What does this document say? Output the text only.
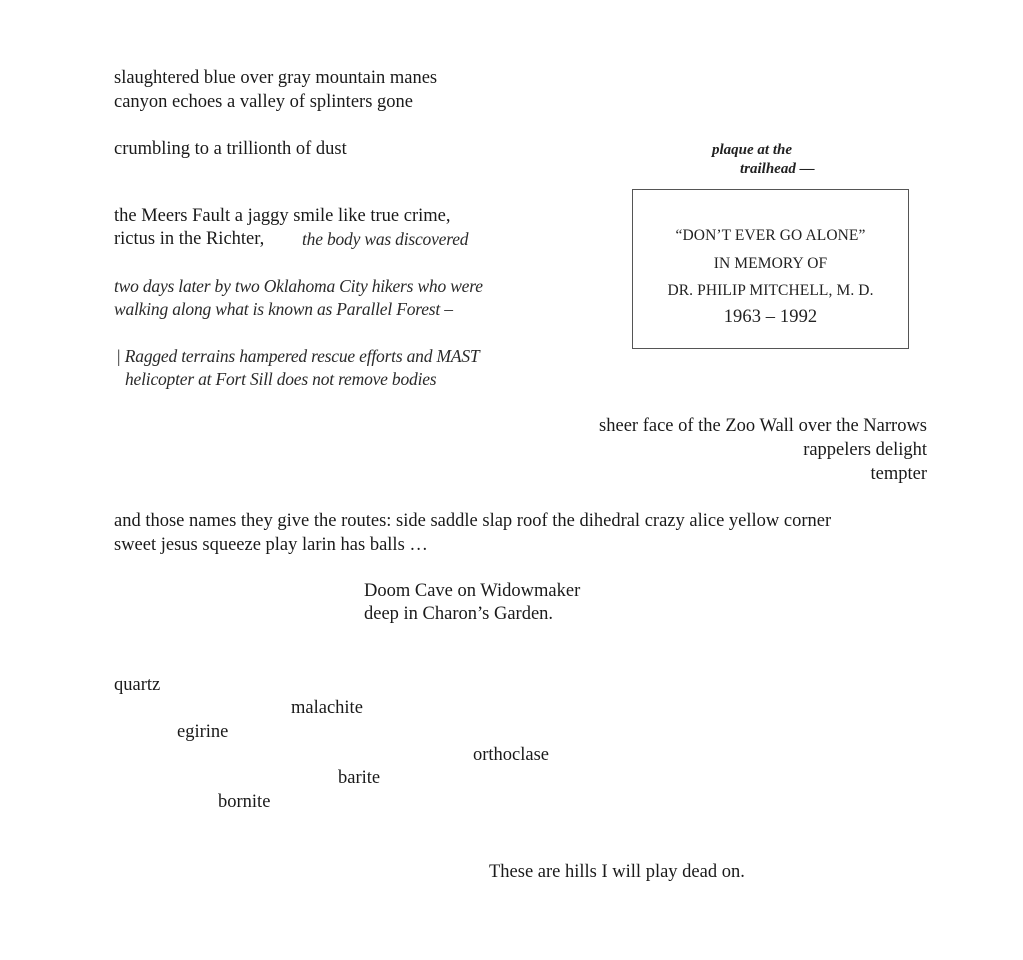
slaughtered blue over gray mountain manes
canyon echoes a valley of splinters gone
crumbling to a trillionth of dust
the Meers Fault a jaggy smile like true crime,
rictus in the Richter, the body was discovered
two days later by two Oklahoma City hikers who were
walking along what is known as Parallel Forest –
| Ragged terrains hampered rescue efforts and MAST
helicopter at Fort Sill does not remove bodies
plaque at the
trailhead —
“DON’T EVER GO ALONE”
IN MEMORY OF
DR. PHILIP MITCHELL, M. D.
1963 – 1992
sheer face of the Zoo Wall over the Narrows
rappelers delight
tempter
and those names they give the routes: side saddle slap roof the dihedral crazy alice yellow corner
sweet jesus squeeze play larin has balls …
Doom Cave on Widowmaker
deep in Charon’s Garden.
quartz
malachite
egirine
orthoclase
barite
bornite
These are hills I will play dead on.
